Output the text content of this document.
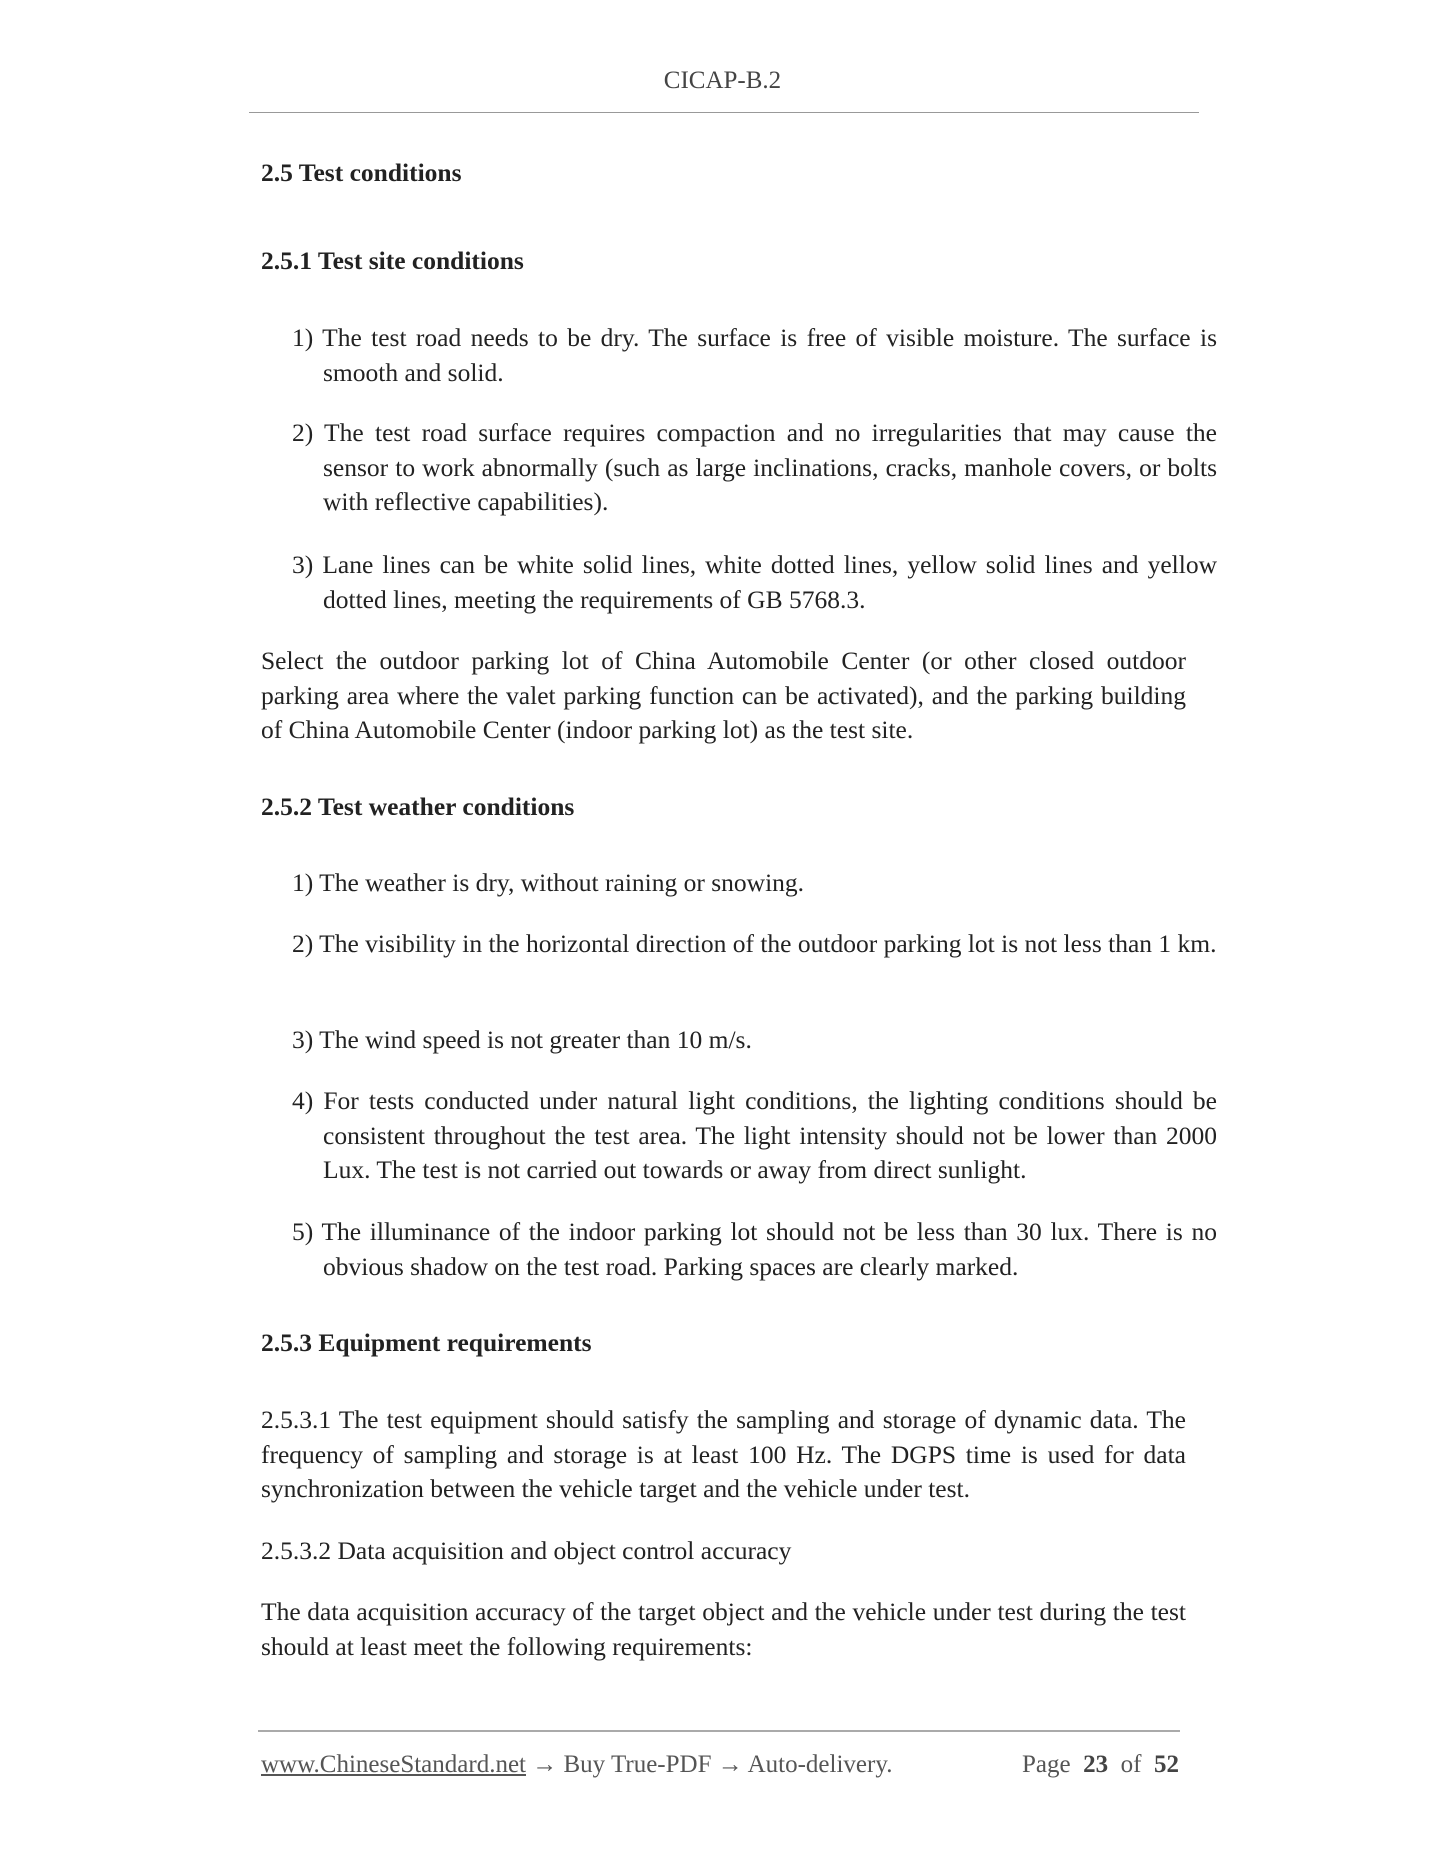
CICAP-B.2
2.5 Test conditions
2.5.1 Test site conditions
1) The test road needs to be dry. The surface is free of visible moisture. The surface is smooth and solid.
2) The test road surface requires compaction and no irregularities that may cause the sensor to work abnormally (such as large inclinations, cracks, manhole covers, or bolts with reflective capabilities).
3) Lane lines can be white solid lines, white dotted lines, yellow solid lines and yellow dotted lines, meeting the requirements of GB 5768.3.
Select the outdoor parking lot of China Automobile Center (or other closed outdoor parking area where the valet parking function can be activated), and the parking building of China Automobile Center (indoor parking lot) as the test site.
2.5.2 Test weather conditions
1) The weather is dry, without raining or snowing.
2) The visibility in the horizontal direction of the outdoor parking lot is not less than 1 km.
3) The wind speed is not greater than 10 m/s.
4) For tests conducted under natural light conditions, the lighting conditions should be consistent throughout the test area. The light intensity should not be lower than 2000 Lux. The test is not carried out towards or away from direct sunlight.
5) The illuminance of the indoor parking lot should not be less than 30 lux. There is no obvious shadow on the test road. Parking spaces are clearly marked.
2.5.3 Equipment requirements
2.5.3.1 The test equipment should satisfy the sampling and storage of dynamic data. The frequency of sampling and storage is at least 100 Hz. The DGPS time is used for data synchronization between the vehicle target and the vehicle under test.
2.5.3.2 Data acquisition and object control accuracy
The data acquisition accuracy of the target object and the vehicle under test during the test should at least meet the following requirements:
www.ChineseStandard.net → Buy True-PDF → Auto-delivery.	Page 23 of 52
